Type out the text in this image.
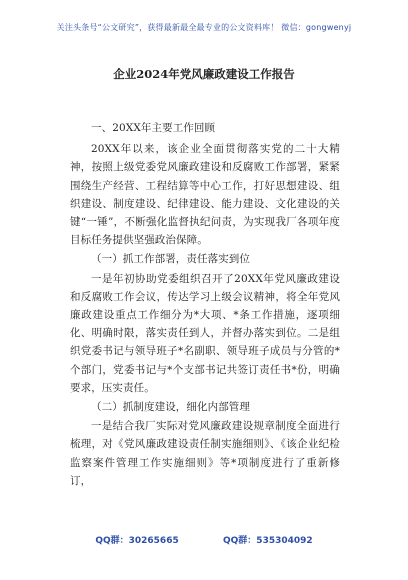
关注头条号“公文研究”，获得最新最全最专业的公文资料库！ 微信：gongwenyj
企业2024年党风廉政建设工作报告

一、20XX年主要工作回顾

20XX年以来，该企业全面贯彻落实党的二十大精神，按照上级党委党风廉政建设和反腐败工作部署，紧紧围绕生产经营、工程结算等中心工作，打好思想建设、组织建设、制度建设、纪律建设、能力建设、文化建设的关键“一锤”，不断强化监督执纪问责，为实现我厂各项年度目标任务提供坚强政治保障。

（一）抓工作部署，责任落实到位

一是年初协助党委组织召开了20XX年党风廉政建设和反腐败工作会议，传达学习上级会议精神，将全年党风廉政建设重点工作细分为*大项、*条工作措施，逐项细化、明确时限，落实责任到人，并督办落实到位。二是组织党委书记与领导班子*名副职、领导班子成员与分管的*个部门，党委书记与*个支部书记共签订责任书*份，明确要求，压实责任。

（二）抓制度建设，细化内部管理

一是结合我厂实际对党风廉政建设规章制度全面进行梳理，对《党风廉政建设责任制实施细则》、《该企业纪检监察案件管理工作实施细则》等*项制度进行了重新修订，

QQ群：30265665	QQ群：535304092
